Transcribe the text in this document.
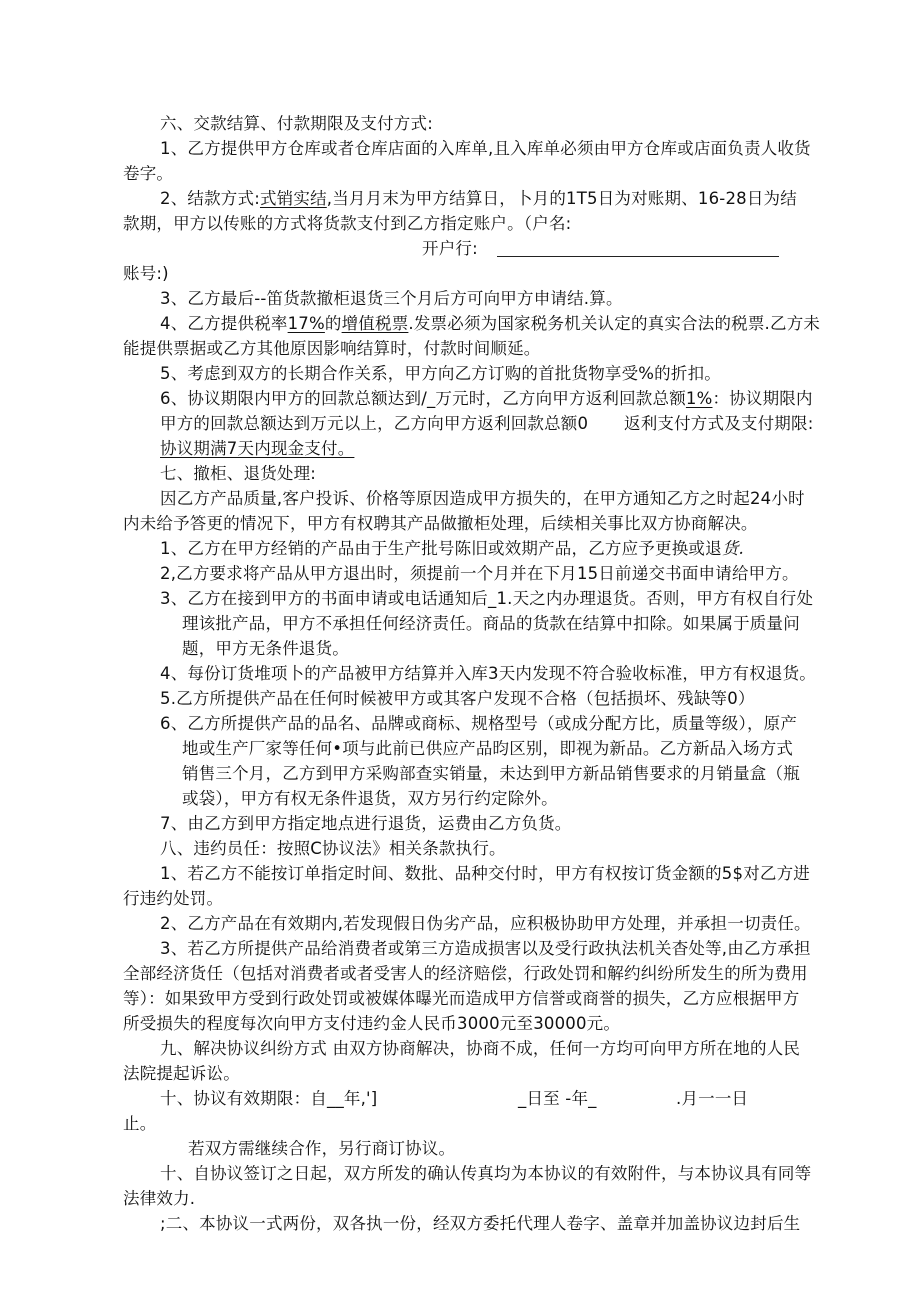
六、交款结算、付款期限及支付方式:
1、乙方提供甲方仓库或者仓库店面的入库单,且入库单必须由甲方仓库或店面负责人收货
卷字。
2、结款方式:式销实结,当月月末为甲方结算日，卜月的1T5日为对账期、16-28日为结
款期，甲方以传账的方式将货款支付到乙方指定账户。（户名:
开户行:
账号:)
3、乙方最后--笛货款撤柜退货三个月后方可向甲方申请结.算。
4、乙方提供税率17%的增值税票.发票必须为国家税务机关认定的真实合法的税票.乙方未
能提供票据或乙方其他原因影响结算时，付款时间顺延。
5、考虑到双方的长期合作关系，甲方向乙方订购的首批货物享受%的折扣。
6、协议期限内甲方的回款总额达到/_万元时，乙方向甲方返利回款总额1%：协议期限内
甲方的回款总额达到万元以上，乙方向甲方返利回款总额0 返利支付方式及支付期限:
协议期满7天内现金支付。
七、撤柜、退货处理:
因乙方产品质量,客户投诉、价格等原因造成甲方损失的，在甲方通知乙方之时起24小时
内未给予答更的情况下，甲方有权聘其产品做撤柜处理，后续相关事比双方协商解决。
1、乙方在甲方经销的产品由于生产批号陈旧或效期产品，乙方应予更换或退货.
2,乙方要求将产品从甲方退出时，须提前一个月并在下月15日前递交书面申请给甲方。
3、乙方在接到甲方的书面申请或电话通知后_1.天之内办理退货。否则，甲方有权自行处
理该批产品，甲方不承担任何经济责任。商品的货款在结算中扣除。如果属于质量问
题，甲方无条件退货。
4、每份订货堆项卜的产品被甲方结算并入库3天内发现不符合验收标准，甲方有权退货。
5.乙方所提供产品在任何时候被甲方或其客户发现不合格（包括损坏、残缺等0）
6、乙方所提供产品的品名、品牌或商标、规格型号（或成分配方比，质量等级），原产
地或生产厂家等任何•项与此前已供应产品昀区别，即视为新品。乙方新品入场方式
销售三个月，乙方到甲方采购部查实销量，未达到甲方新品销售要求的月销量盒（瓶
或袋），甲方有权无条件退货，双方另行约定除外。
7、由乙方到甲方指定地点进行退货，运费由乙方负货。
八、违约员任：按照C协议法》相关条款执行。
1、若乙方不能按订单指定时间、数批、品种交付时，甲方有权按订货金额的5$对乙方进
行违约处罚。
2、乙方产品在有效期内,若发现假日伪劣产品，应积极协助甲方处理，并承担一切责任。
3、若乙方所提供产品给消费者或第三方造成损害以及受行政执法机关杳处等,由乙方承担
全部经济货任（包括对消费者或者受害人的经济赔偿，行政处罚和解约纠纷所发生的所为费用
等）：如果致甲方受到行政处罚或被媒体曝光而造成甲方信誉或商誉的损失，乙方应根据甲方
所受损失的程度每次向甲方支付违约金人民币3000元至30000元。
九、解决协议纠纷方式 由双方协商解决，协商不成，任何一方均可向甲方所在地的人民
法院提起诉讼。
十、协议有效期限：自__年,']	_日至 -年_	.月一一日
止。
若双方需继续合作，另行商订协议。
十、自协议签订之日起，双方所发的确认传真均为本协议的有效附件，与本协议具有同等
法律效力.
;二、本协议一式两份，双各执一份，经双方委托代理人卷字、盖章并加盖协议边封后生
